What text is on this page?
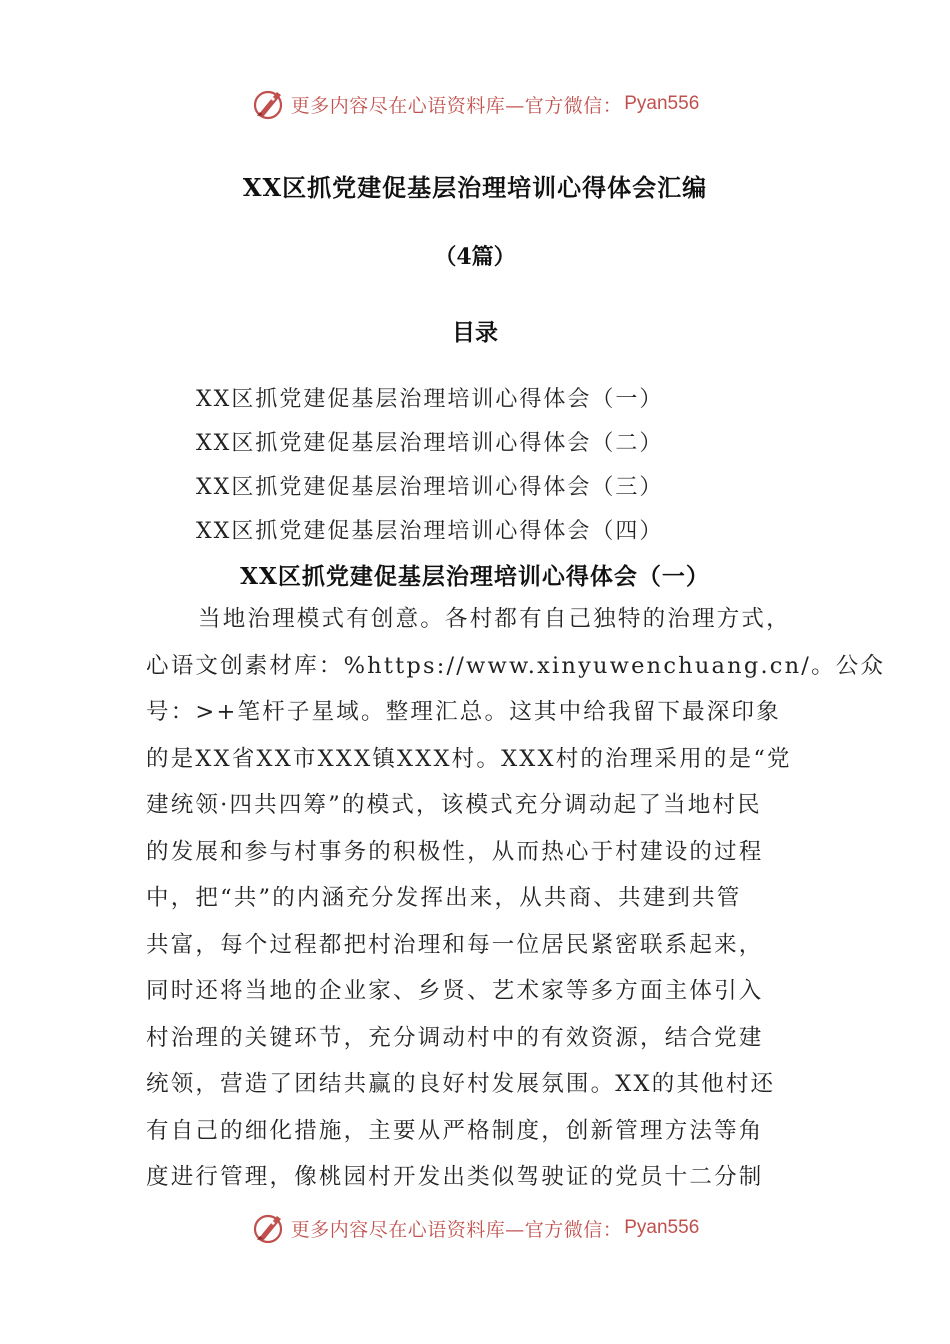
更多内容尽在心语资料库—官方微信： Pyan556
XX区抓党建促基层治理培训心得体会汇编
（4篇）
目录
XX区抓党建促基层治理培训心得体会（一）
XX区抓党建促基层治理培训心得体会（二）
XX区抓党建促基层治理培训心得体会（三）
XX区抓党建促基层治理培训心得体会（四）
XX区抓党建促基层治理培训心得体会（一）
当地治理模式有创意。各村都有自己独特的治理方式，
心语文创素材库：%https://www.xinyuwenchuang.cn/。公众
号：>+笔杆子星域。整理汇总。这其中给我留下最深印象
的是XX省XX市XXX镇XXX村。XXX村的治理采用的是“党
建统领·四共四筹”的模式，该模式充分调动起了当地村民
的发展和参与村事务的积极性，从而热心于村建设的过程
中，把“共”的内涵充分发挥出来，从共商、共建到共管
共富，每个过程都把村治理和每一位居民紧密联系起来，
同时还将当地的企业家、乡贤、艺术家等多方面主体引入
村治理的关键环节，充分调动村中的有效资源，结合党建
统领，营造了团结共赢的良好村发展氛围。XX的其他村还
有自己的细化措施，主要从严格制度，创新管理方法等角
度进行管理，像桃园村开发出类似驾驶证的党员十二分制
更多内容尽在心语资料库—官方微信： Pyan556
